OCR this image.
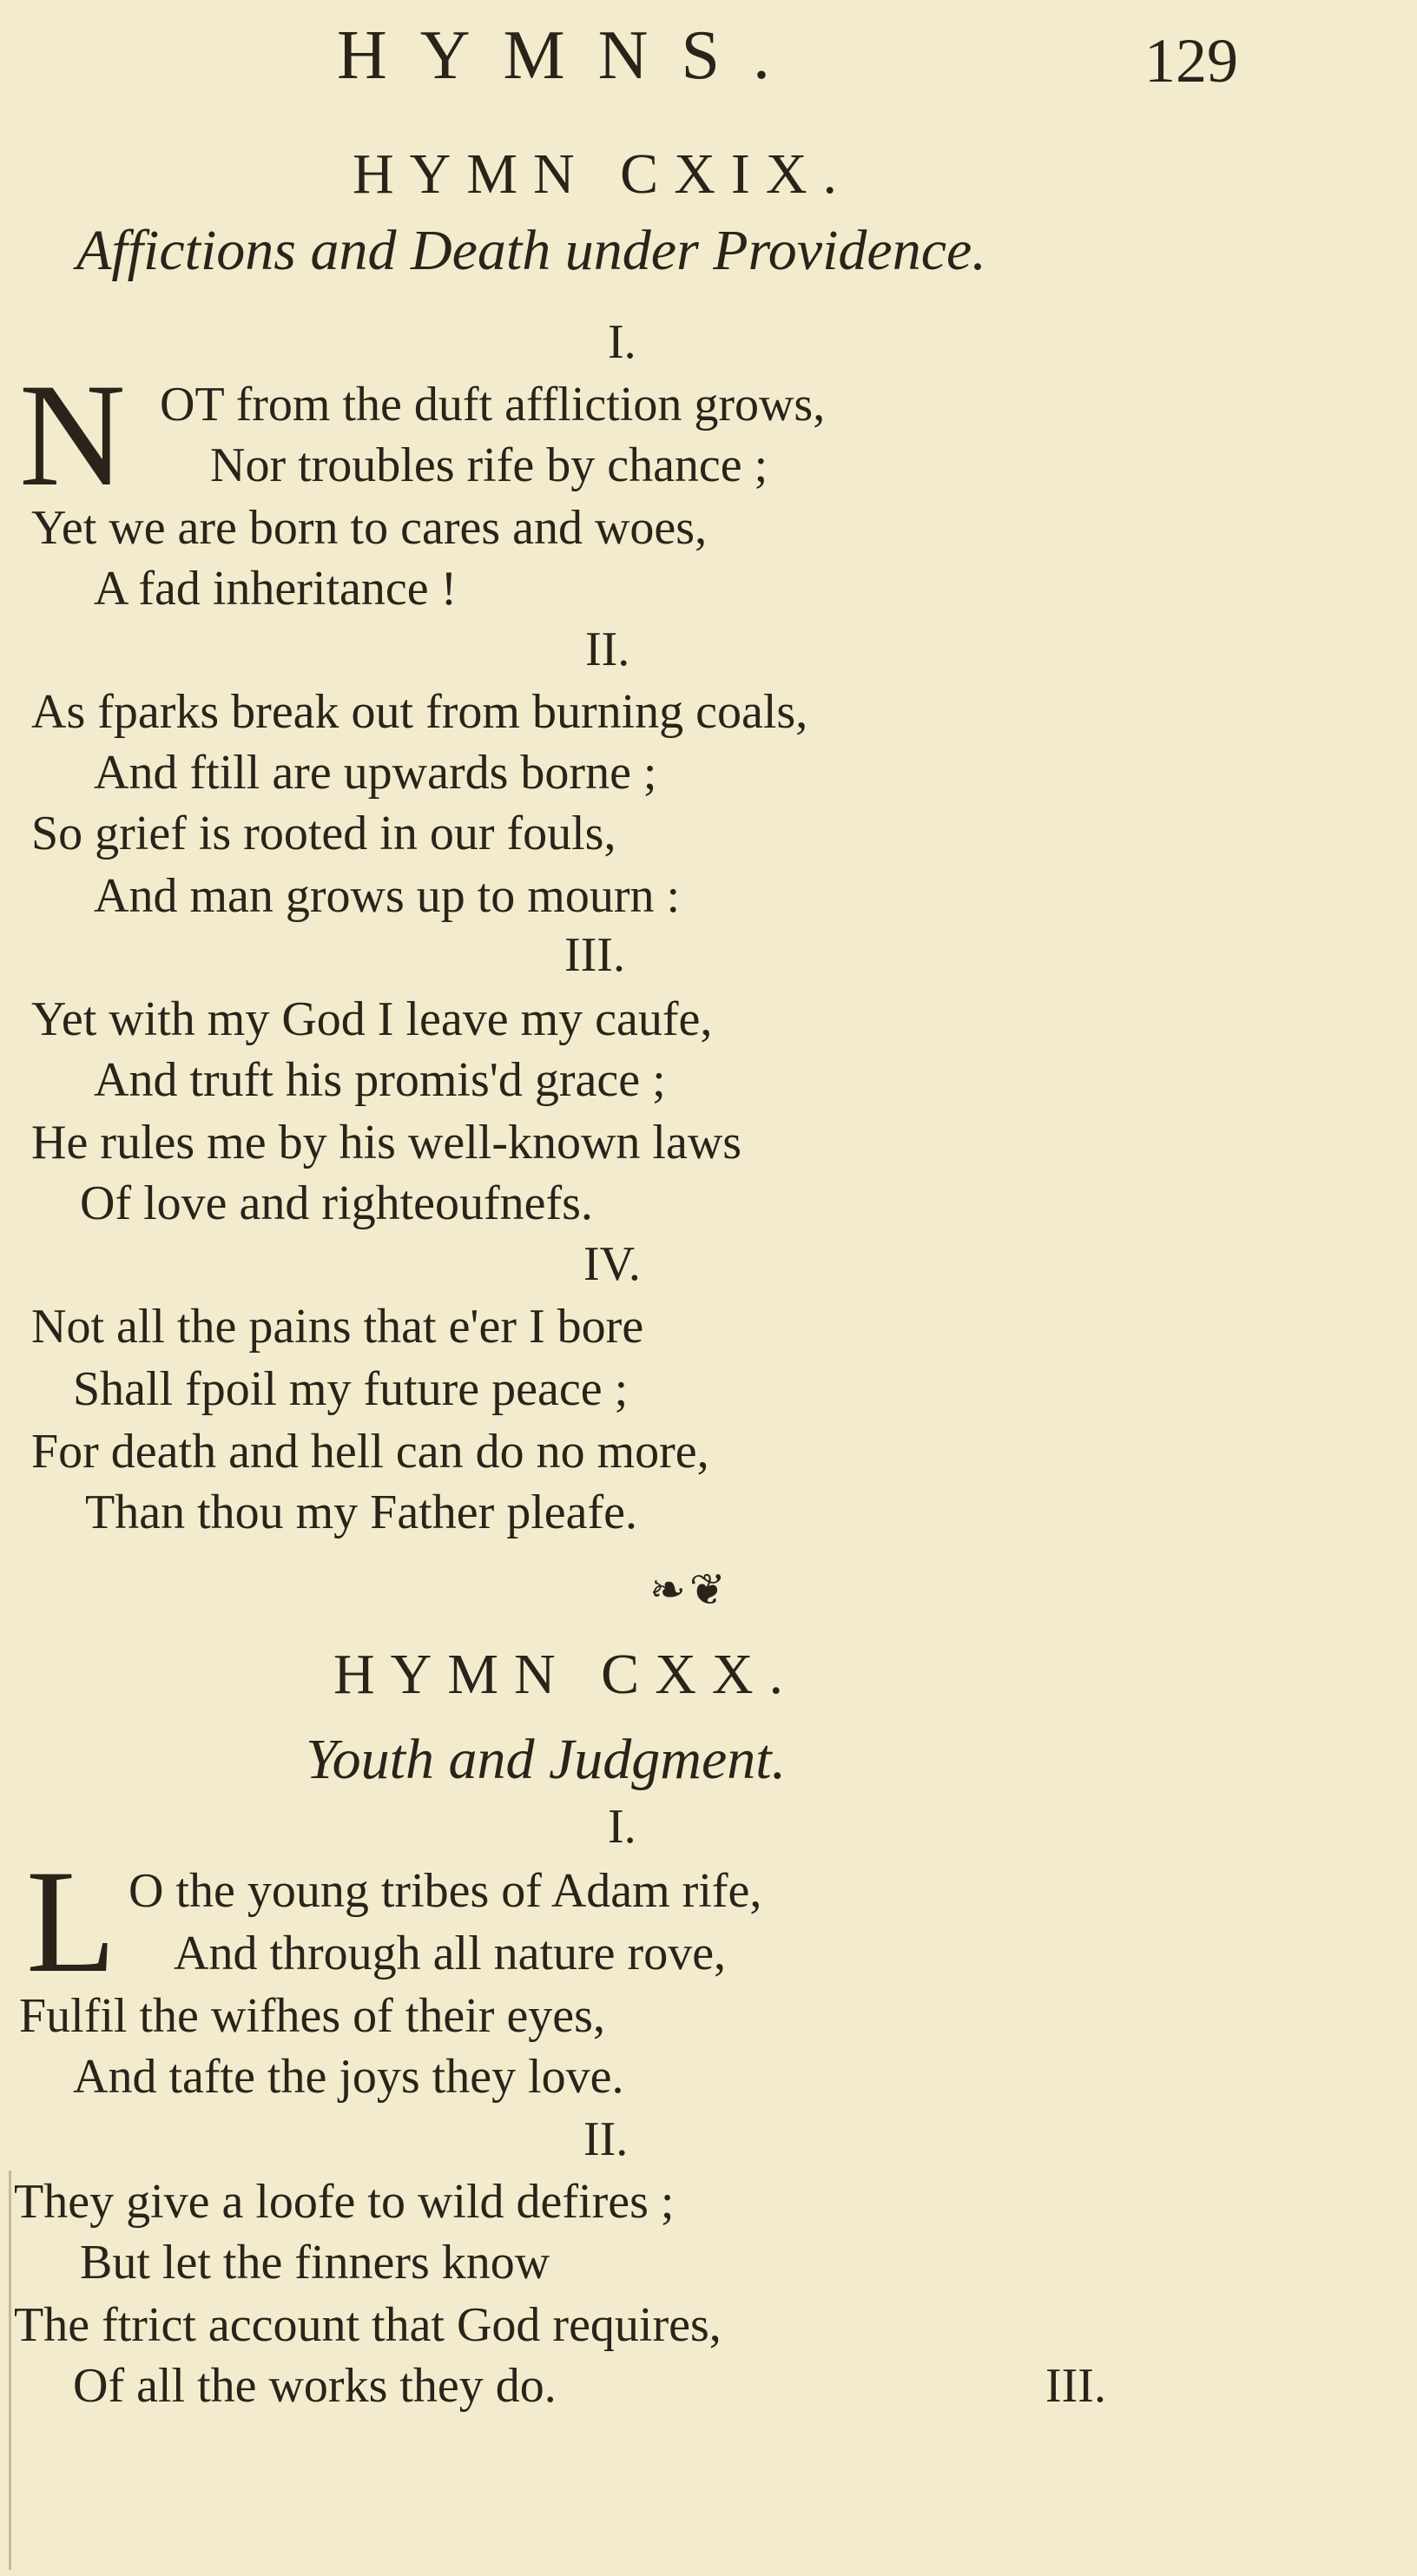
HYMNS.	129
HYMN CXIX.
Affictions and Death under Providence.
I.
N OT from the duft affliction grows,
Nor troubles rife by chance ;
Yet we are born to cares and woes,
A fad inheritance !
II.
As fparks break out from burning coals,
And ftill are upwards borne ;
So grief is rooted in our fouls,
And man grows up to mourn :
III.
Yet with my God I leave my caufe,
And truft his promis'd grace ;
He rules me by his well-known laws
Of love and righteoufnefs.
IV.
Not all the pains that e'er I bore
Shall fpoil my future peace ;
For death and hell can do no more,
Than thou my Father pleafe.
❧❦
HYMN CXX.
Youth and Judgment.
I.
L O the young tribes of Adam rife,
And through all nature rove,
Fulfil the wifhes of their eyes,
And tafte the joys they love.
II.
They give a loofe to wild defires ;
But let the finners know
The ftrict account that God requires,
Of all the works they do.	III.
